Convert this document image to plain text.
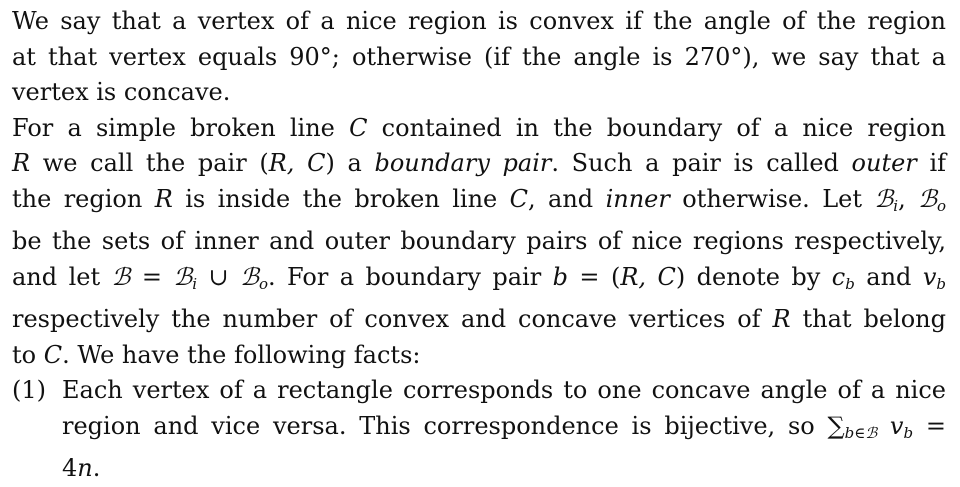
We say that a vertex of a nice region is convex if the angle of the region
at that vertex equals 90°; otherwise (if the angle is 270°), we say that a
vertex is concave.

For a simple broken line C contained in the boundary of a nice region
R we call the pair (R, C) a boundary pair. Such a pair is called outer if
the region R is inside the broken line C, and inner otherwise. Let ℬ$_i$, ℬ$_o$
be the sets of inner and outer boundary pairs of nice regions respectively,
and let ℬ = ℬ$_i$ ∪ ℬ$_o$. For a boundary pair b = (R, C) denote by $c_b$ and $v_b$
respectively the number of convex and concave vertices of R that belong
to C. We have the following facts:

(1) Each vertex of a rectangle corresponds to one concave angle of a nice
region and vice versa. This correspondence is bijective, so $\sum_{b\in ℬ}$ $v_b$ =
4n.
